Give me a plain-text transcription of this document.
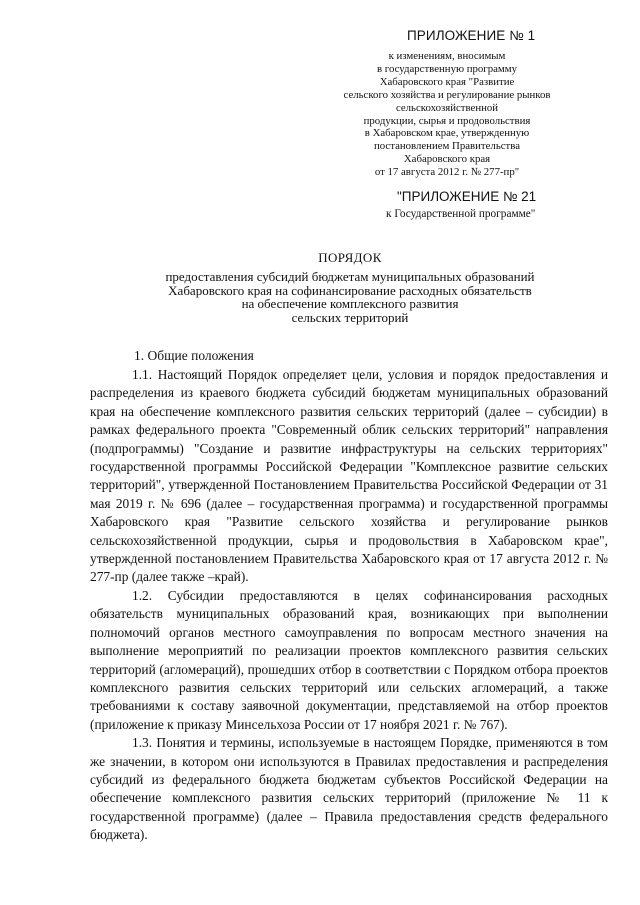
ПРИЛОЖЕНИЕ № 1
к изменениям, вносимым
в государственную программу
Хабаровского края "Развитие
сельского хозяйства и регулирование рынков
сельскохозяйственной
продукции, сырья и продовольствия
в Хабаровском крае, утвержденную
постановлением Правительства
Хабаровского края
от 17 августа 2012 г. № 277-пр"
"ПРИЛОЖЕНИЕ № 21
к Государственной программе"
ПОРЯДОК
предоставления субсидий бюджетам муниципальных образований
Хабаровского края на софинансирование расходных обязательств
на обеспечение комплексного развития
сельских территорий
1. Общие положения

1.1. Настоящий Порядок определяет цели, условия и порядок предоставления и распределения из краевого бюджета субсидий бюджетам муниципальных образований края на обеспечение комплексного развития сельских территорий (далее – субсидии) в рамках федерального проекта "Современный облик сельских территорий" направления (подпрограммы) "Создание и развитие инфраструктуры на сельских территориях" государственной программы Российской Федерации "Комплексное развитие сельских территорий", утвержденной Постановлением Правительства Российской Федерации от 31 мая 2019 г. № 696 (далее – государственная программа) и государственной программы Хабаровского края "Развитие сельского хозяйства и регулирование рынков сельскохозяйственной продукции, сырья и продовольствия в Хабаровском крае", утвержденной постановлением Правительства Хабаровского края от 17 августа 2012 г. № 277-пр (далее также –край).

1.2. Субсидии предоставляются в целях софинансирования расходных обязательств муниципальных образований края, возникающих при выполнении полномочий органов местного самоуправления по вопросам местного значения на выполнение мероприятий по реализации проектов комплексного развития сельских территорий (агломераций), прошедших отбор в соответствии с Порядком отбора проектов комплексного развития сельских территорий или сельских агломераций, а также требованиями к составу заявочной документации, представляемой на отбор проектов (приложение к приказу Минсельхоза России от 17 ноября 2021 г. № 767).

1.3. Понятия и термины, используемые в настоящем Порядке, применяются в том же значении, в котором они используются в Правилах предоставления и распределения субсидий из федерального бюджета бюджетам субъектов Российской Федерации на обеспечение комплексного развития сельских территорий (приложение № 11 к государственной программе) (далее – Правила предоставления средств федерального бюджета).
